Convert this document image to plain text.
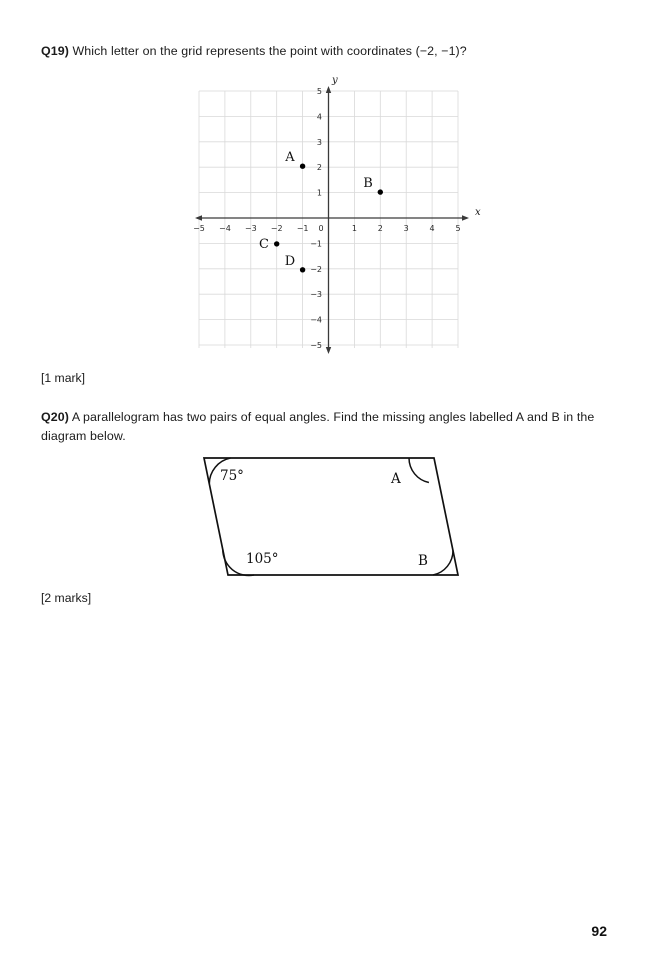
Q19) Which letter on the grid represents the point with coordinates (−2, −1)?
x
y
−5 −4 −3 −2 −1 0	1	2	3	4	5
5
4
3
2
1
−1
−2
−3
−4
−5
A
B
C
D
[1 mark]
Q20) A parallelogram has two pairs of equal angles. Find the missing angles labelled A and B in the diagram below.
75°	A
105°	B
[2 marks]
92
